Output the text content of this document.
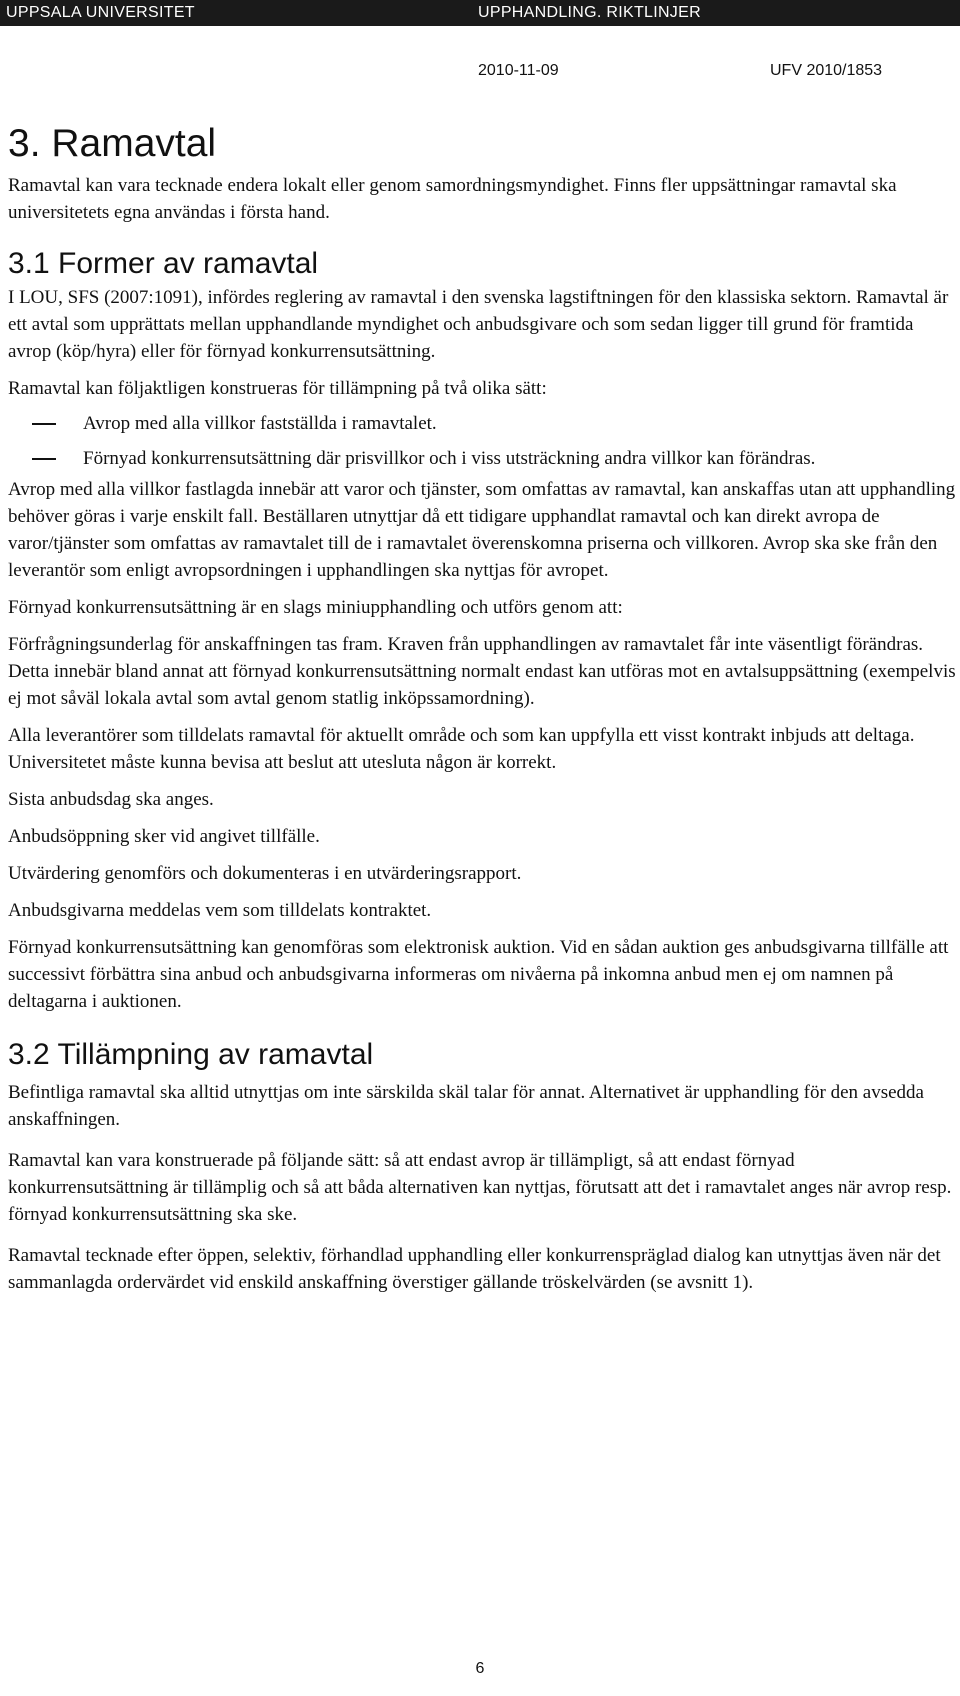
UPPSALA UNIVERSITET	UPPHANDLING. RIKTLINJER
2010-11-09	UFV 2010/1853
3. Ramavtal

Ramavtal kan vara tecknade endera lokalt eller genom samordningsmyndighet. Finns fler uppsättningar ramavtal ska universitetets egna användas i första hand.

3.1 Former av ramavtal

I LOU, SFS (2007:1091), infördes reglering av ramavtal i den svenska lagstiftningen för den klassiska sektorn. Ramavtal är ett avtal som upprättats mellan upphandlande myndighet och anbudsgivare och som sedan ligger till grund för framtida avrop (köp/hyra) eller för förnyad konkurrensutsättning.

Ramavtal kan följaktligen konstrueras för tillämpning på två olika sätt:

Avrop med alla villkor fastställda i ramavtalet.
Förnyad konkurrensutsättning där prisvillkor och i viss utsträckning andra villkor kan förändras.

Avrop med alla villkor fastlagda innebär att varor och tjänster, som omfattas av ramavtal, kan anskaffas utan att upphandling behöver göras i varje enskilt fall. Beställaren utnyttjar då ett tidigare upphandlat ramavtal och kan direkt avropa de varor/tjänster som omfattas av ramavtalet till de i ramavtalet överenskomna priserna och villkoren. Avrop ska ske från den leverantör som enligt avropsordningen i upphandlingen ska nyttjas för avropet.

Förnyad konkurrensutsättning är en slags miniupphandling och utförs genom att:

Förfrågningsunderlag för anskaffningen tas fram. Kraven från upphandlingen av ramavtalet får inte väsentligt förändras. Detta innebär bland annat att förnyad konkurrensutsättning normalt endast kan utföras mot en avtalsuppsättning (exempelvis ej mot såväl lokala avtal som avtal genom statlig inköpssamordning).

Alla leverantörer som tilldelats ramavtal för aktuellt område och som kan uppfylla ett visst kontrakt inbjuds att deltaga. Universitetet måste kunna bevisa att beslut att utesluta någon är korrekt.

Sista anbudsdag ska anges.

Anbudsöppning sker vid angivet tillfälle.

Utvärdering genomförs och dokumenteras i en utvärderingsrapport.

Anbudsgivarna meddelas vem som tilldelats kontraktet.

Förnyad konkurrensutsättning kan genomföras som elektronisk auktion. Vid en sådan auktion ges anbudsgivarna tillfälle att successivt förbättra sina anbud och anbudsgivarna informeras om nivåerna på inkomna anbud men ej om namnen på deltagarna i auktionen.

3.2 Tillämpning av ramavtal

Befintliga ramavtal ska alltid utnyttjas om inte särskilda skäl talar för annat. Alternativet är upphandling för den avsedda anskaffningen.

Ramavtal kan vara konstruerade på följande sätt: så att endast avrop är tillämpligt, så att endast förnyad konkurrensutsättning är tillämplig och så att båda alternativen kan nyttjas, förutsatt att det i ramavtalet anges när avrop resp. förnyad konkurrensutsättning ska ske.

Ramavtal tecknade efter öppen, selektiv, förhandlad upphandling eller konkurrenspräglad dialog kan utnyttjas även när det sammanlagda ordervärdet vid enskild anskaffning överstiger gällande tröskelvärden (se avsnitt 1).

6
